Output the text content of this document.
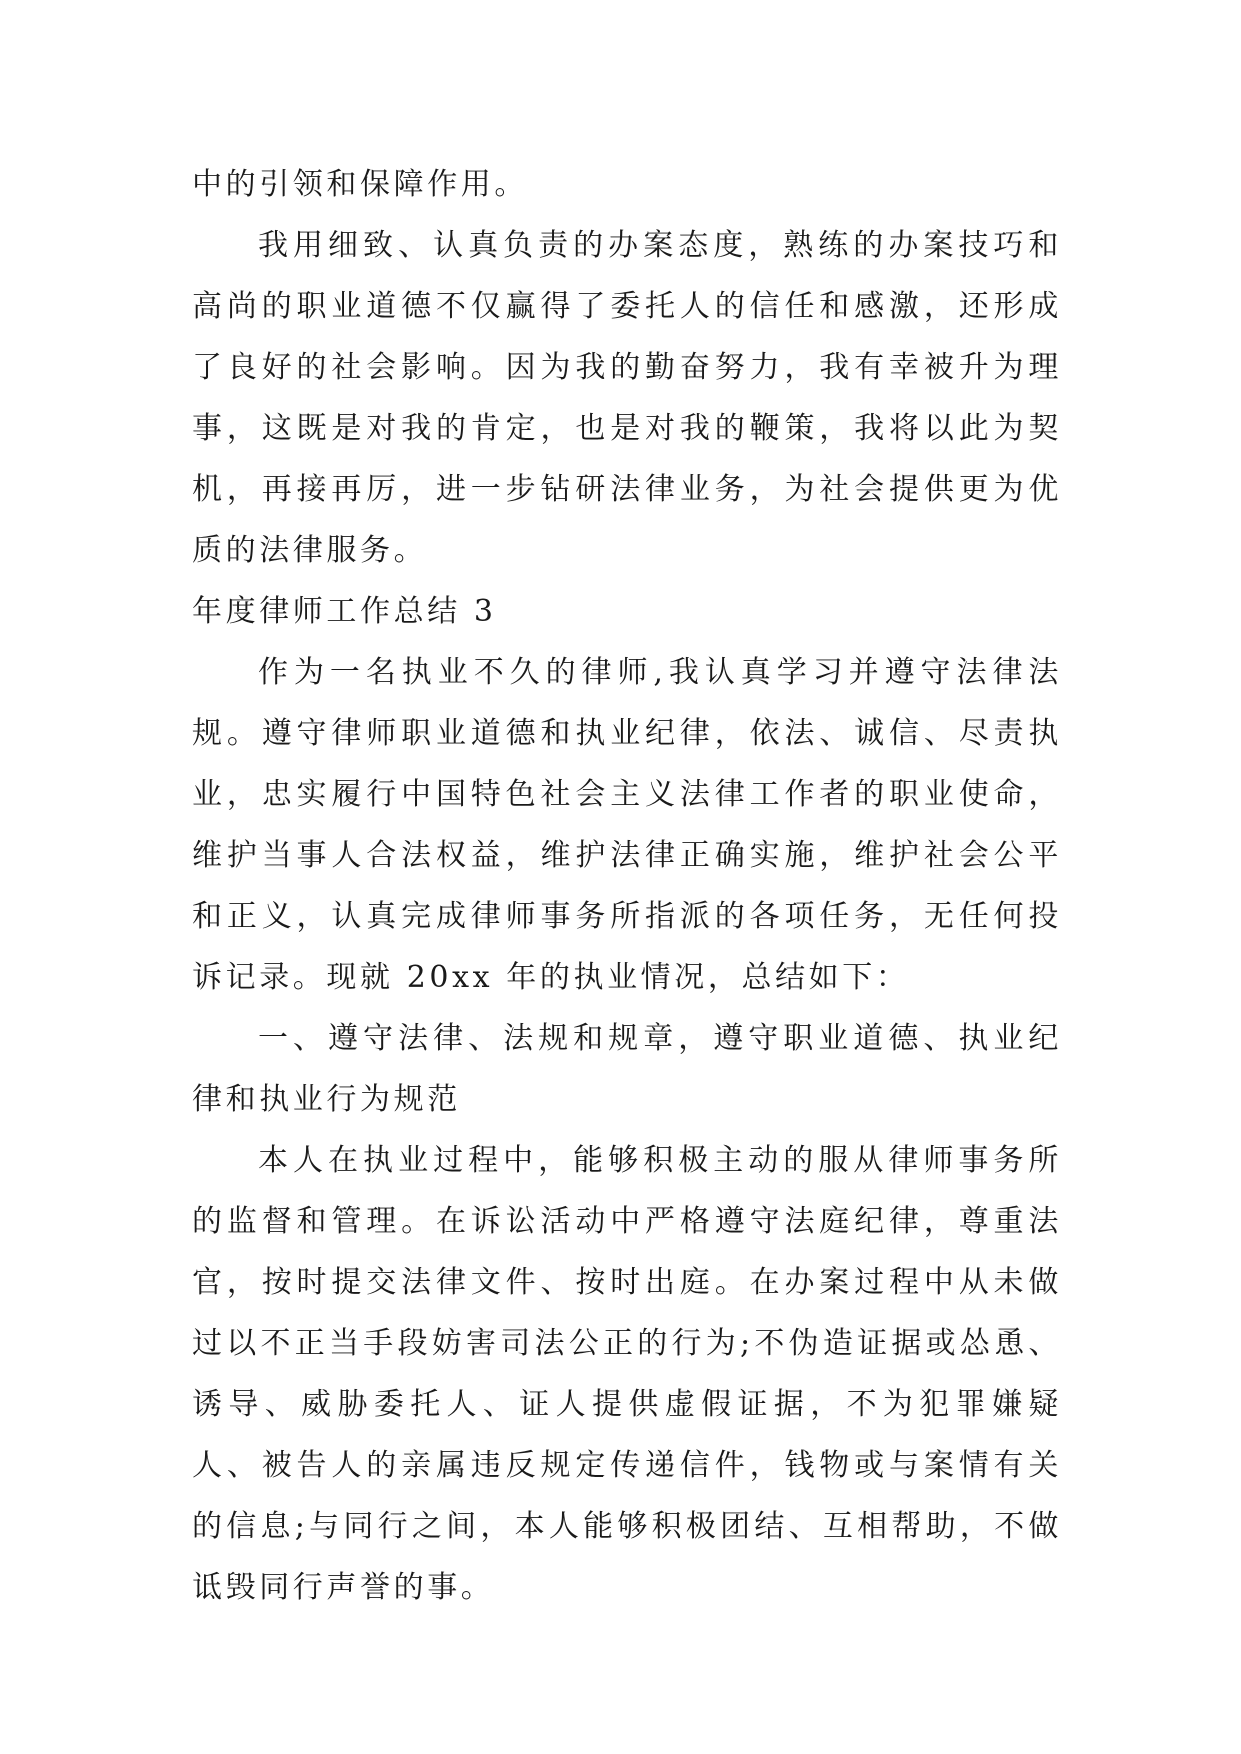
中的引领和保障作用。

我用细致、认真负责的办案态度，熟练的办案技巧和高尚的职业道德不仅赢得了委托人的信任和感激，还形成了良好的社会影响。因为我的勤奋努力，我有幸被升为理事，这既是对我的肯定，也是对我的鞭策，我将以此为契机，再接再厉，进一步钻研法律业务，为社会提供更为优质的法律服务。

年度律师工作总结 3

作为一名执业不久的律师,我认真学习并遵守法律法规。遵守律师职业道德和执业纪律，依法、诚信、尽责执业，忠实履行中国特色社会主义法律工作者的职业使命，维护当事人合法权益，维护法律正确实施，维护社会公平和正义，认真完成律师事务所指派的各项任务，无任何投诉记录。现就 20xx 年的执业情况，总结如下：

一、遵守法律、法规和规章，遵守职业道德、执业纪律和执业行为规范

本人在执业过程中，能够积极主动的服从律师事务所的监督和管理。在诉讼活动中严格遵守法庭纪律，尊重法官，按时提交法律文件、按时出庭。在办案过程中从未做过以不正当手段妨害司法公正的行为;不伪造证据或怂恿、诱导、威胁委托人、证人提供虚假证据，不为犯罪嫌疑人、被告人的亲属违反规定传递信件，钱物或与案情有关的信息;与同行之间，本人能够积极团结、互相帮助，不做诋毁同行声誉的事。
